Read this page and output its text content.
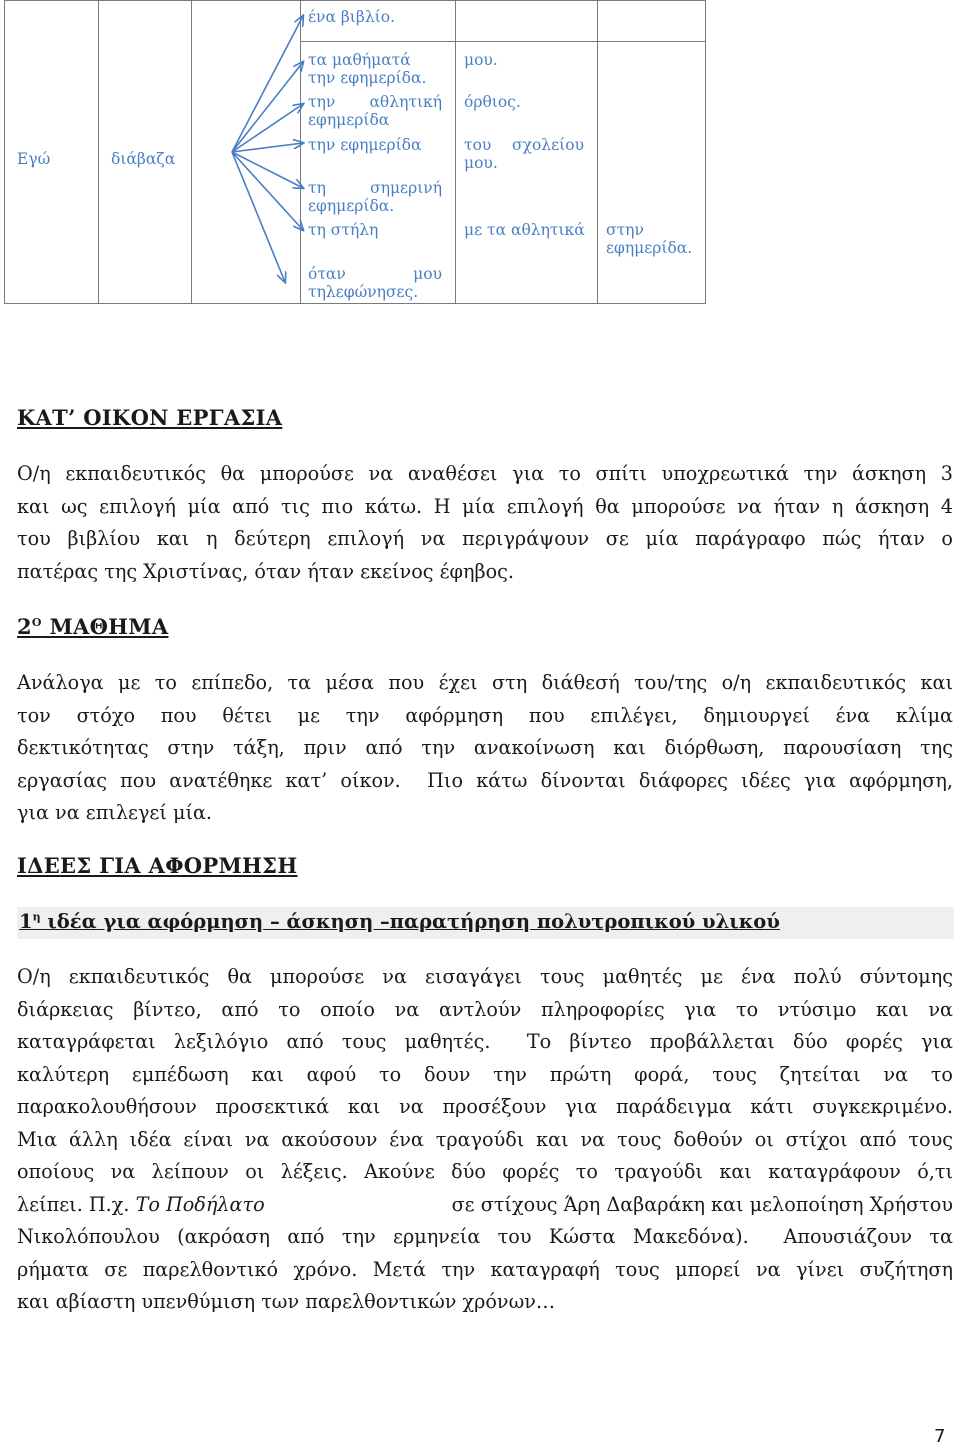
Εγώ	διάβαζα
ένα βιβλίο.
τα μαθήματά
την εφημερίδα.
την αθλητική
εφημερίδα
την εφημερίδα
τη σημερινή
εφημερίδα.
τη στήλη
όταν μου
τηλεφώνησες.
μου.
όρθιος.
του σχολείου
μου.
με τα αθλητικά στην
εφημερίδα.
ΚΑΤ’ ΟΙΚΟΝ ΕΡΓΑΣΙΑ
Ο/η εκπαιδευτικός θα μπορούσε να αναθέσει για το σπίτι υποχρεωτικά την άσκηση 3
και ως επιλογή μία από τις πιο κάτω. Η μία επιλογή θα μπορούσε να ήταν η άσκηση 4
του βιβλίου και η δεύτερη επιλογή να περιγράψουν σε μία παράγραφο πώς ήταν ο
πατέρας της Χριστίνας, όταν ήταν εκείνος έφηβος.
$2^O$ ΜΑΘΗΜΑ
Ανάλογα με το επίπεδο, τα μέσα που έχει στη διάθεσή του/της ο/η εκπαιδευτικός και
τον στόχο που θέτει με την αφόρμηση που επιλέγει, δημιουργεί ένα κλίμα
δεκτικότητας στην τάξη, πριν από την ανακοίνωση και διόρθωση, παρουσίαση της
εργασίας που ανατέθηκε κατ’ οίκον.  Πιο κάτω δίνονται διάφορες ιδέες για αφόρμηση,
για να επιλεγεί μία.
ΙΔΕΕΣ ΓΙΑ ΑΦΟΡΜΗΣΗ
$1^\eta$ ιδέα για αφόρμηση – άσκηση –παρατήρηση πολυτροπικού υλικού
Ο/η εκπαιδευτικός θα μπορούσε να εισαγάγει τους μαθητές με ένα πολύ σύντομης
διάρκειας βίντεο, από το οποίο να αντλούν πληροφορίες για το ντύσιμο και να
καταγράφεται λεξιλόγιο από τους μαθητές.  Το βίντεο προβάλλεται δύο φορές για
καλύτερη εμπέδωση και αφού το δουν την πρώτη φορά, τους ζητείται να το
παρακολουθήσουν προσεκτικά και να προσέξουν για παράδειγμα κάτι συγκεκριμένο.
Μια άλλη ιδέα είναι να ακούσουν ένα τραγούδι και να τους δοθούν οι στίχοι από τους
οποίους να λείπουν οι λέξεις. Ακούνε δύο φορές το τραγούδι και καταγράφουν ό,τι
λείπει. Π.χ. Το Ποδήλατο	σε στίχους Άρη Δαβαράκη και μελοποίηση Χρήστου
Νικολόπουλου (ακρόαση από την ερμηνεία του Κώστα Μακεδόνα).  Απουσιάζουν τα
ρήματα σε παρελθοντικό χρόνο. Μετά την καταγραφή τους μπορεί να γίνει συζήτηση
και αβίαστη υπενθύμιση των παρελθοντικών χρόνων…
7
